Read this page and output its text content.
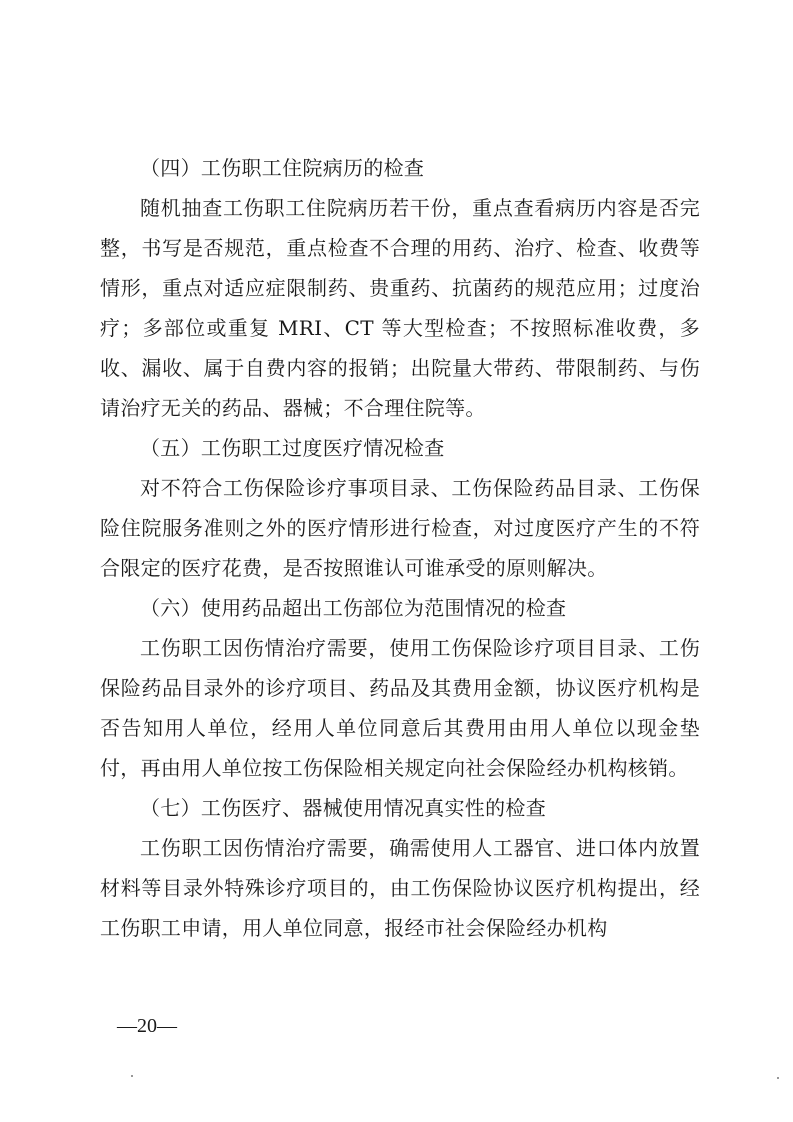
（四）工伤职工住院病历的检查

随机抽查工伤职工住院病历若干份，重点查看病历内容是否完整，书写是否规范，重点检查不合理的用药、治疗、检查、收费等情形，重点对适应症限制药、贵重药、抗菌药的规范应用；过度治疗；多部位或重复 MRI、CT 等大型检查；不按照标准收费，多收、漏收、属于自费内容的报销；出院量大带药、带限制药、与伤请治疗无关的药品、器械；不合理住院等。

（五）工伤职工过度医疗情况检查

对不符合工伤保险诊疗事项目录、工伤保险药品目录、工伤保险住院服务准则之外的医疗情形进行检查，对过度医疗产生的不符合限定的医疗花费，是否按照谁认可谁承受的原则解决。

（六）使用药品超出工伤部位为范围情况的检查

工伤职工因伤情治疗需要，使用工伤保险诊疗项目目录、工伤保险药品目录外的诊疗项目、药品及其费用金额，协议医疗机构是否告知用人单位，经用人单位同意后其费用由用人单位以现金垫付，再由用人单位按工伤保险相关规定向社会保险经办机构核销。

（七）工伤医疗、器械使用情况真实性的检查

工伤职工因伤情治疗需要，确需使用人工器官、进口体内放置材料等目录外特殊诊疗项目的，由工伤保险协议医疗机构提出，经工伤职工申请，用人单位同意，报经市社会保险经办机构

—20—
